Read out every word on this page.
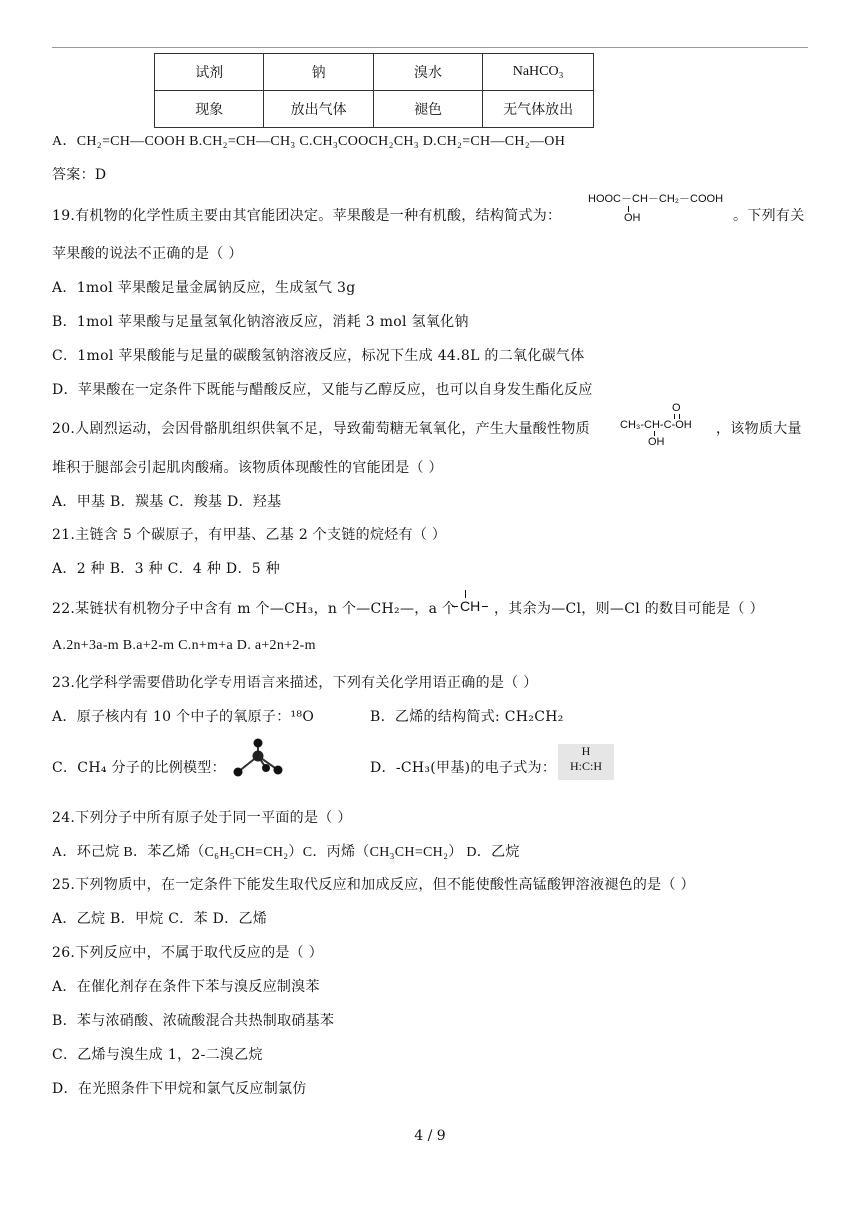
试剂	钠	溴水	NaHCO₃
现象	放出气体	褪色	无气体放出
A．CH₂=CH—COOH B.CH₂=CH—CH₃ C.CH₃COOCH₂CH₃ D.CH₂=CH—CH₂—OH
答案：D
19.有机物的化学性质主要由其官能团决定。苹果酸是一种有机酸，结构简式为：
HOOC－CH－CH₂－COOH
OH	。下列有关
苹果酸的说法不正确的是（ ）
A．1mol 苹果酸足量金属钠反应，生成氢气 3g
B．1mol 苹果酸与足量氢氧化钠溶液反应，消耗 3 mol 氢氧化钠
C．1mol 苹果酸能与足量的碳酸氢钠溶液反应，标况下生成 44.8L 的二氧化碳气体
D．苹果酸在一定条件下既能与醋酸反应，又能与乙醇反应，也可以自身发生酯化反应
20.人剧烈运动，会因骨骼肌组织供氧不足，导致葡萄糖无氧氧化，产生大量酸性物质
O
CH₃-CH-C-OH
OH
，该物质大量
堆积于腿部会引起肌肉酸痛。该物质体现酸性的官能团是（ ）
A．甲基 B．羰基 C．羧基 D．羟基
21.主链含 5 个碳原子，有甲基、乙基 2 个支链的烷烃有（ ）
A．2 种 B．3 种 C．4 种 D．5 种
22.某链状有机物分子中含有 m 个—CH₃，n 个—CH₂—，a 个 CH ，其余为—Cl，则—Cl 的数目可能是（ ）
A.2n+3a-m B.a+2-m C.n+m+a D. a+2n+2-m
23.化学科学需要借助化学专用语言来描述，下列有关化学用语正确的是（ ）
A．原子核内有 10 个中子的氧原子：¹⁸O	B．乙烯的结构简式: CH₂CH₂
C．CH₄ 分子的比例模型：	D．-CH₃(甲基)的电子式为：
H
H:C:H
24.下列分子中所有原子处于同一平面的是（ ）
A．环己烷 B．苯乙烯（C₆H₅CH=CH₂）C．丙烯（CH₃CH=CH₂） D．乙烷
25.下列物质中，在一定条件下能发生取代反应和加成反应，但不能使酸性高锰酸钾溶液褪色的是（ ）
A．乙烷 B．甲烷 C．苯 D．乙烯
26.下列反应中，不属于取代反应的是（ ）
A．在催化剂存在条件下苯与溴反应制溴苯
B．苯与浓硝酸、浓硫酸混合共热制取硝基苯
C．乙烯与溴生成 1，2-二溴乙烷
D．在光照条件下甲烷和氯气反应制氯仿
4 / 9
